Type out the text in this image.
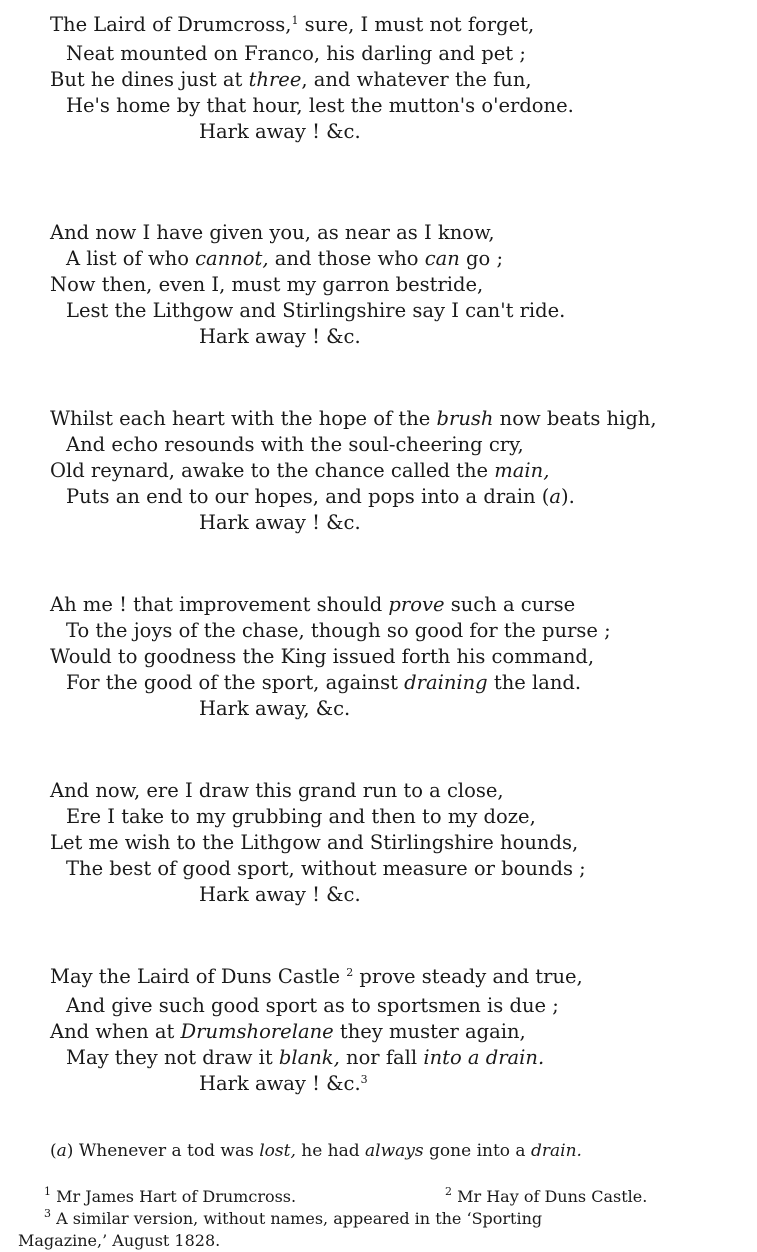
The Laird of Drumcross,$^1$ sure, I must not forget,
Neat mounted on Franco, his darling and pet ;
But he dines just at three, and whatever the fun,
He's home by that hour, lest the mutton's o'erdone.
Hark away ! &c.
And now I have given you, as near as I know,
A list of who cannot, and those who can go ;
Now then, even I, must my garron bestride,
Lest the Lithgow and Stirlingshire say I can't ride.
Hark away ! &c.
Whilst each heart with the hope of the brush now beats high,
And echo resounds with the soul-cheering cry,
Old reynard, awake to the chance called the main,
Puts an end to our hopes, and pops into a drain (a).
Hark away ! &c.
Ah me ! that improvement should prove such a curse
To the joys of the chase, though so good for the purse ;
Would to goodness the King issued forth his command,
For the good of the sport, against draining the land.
Hark away, &c.
And now, ere I draw this grand run to a close,
Ere I take to my grubbing and then to my doze,
Let me wish to the Lithgow and Stirlingshire hounds,
The best of good sport, without measure or bounds ;
Hark away ! &c.
May the Laird of Duns Castle $^2$ prove steady and true,
And give such good sport as to sportsmen is due ;
And when at Drumshorelane they muster again,
May they not draw it blank, nor fall into a drain.
Hark away ! &c.$^3$
(a) Whenever a tod was lost, he had always gone into a drain.
$^1$ Mr James Hart of Drumcross.	$^2$ Mr Hay of Duns Castle.
$^3$ A similar version, without names, appeared in the ‘Sporting
Magazine,’ August 1828.
